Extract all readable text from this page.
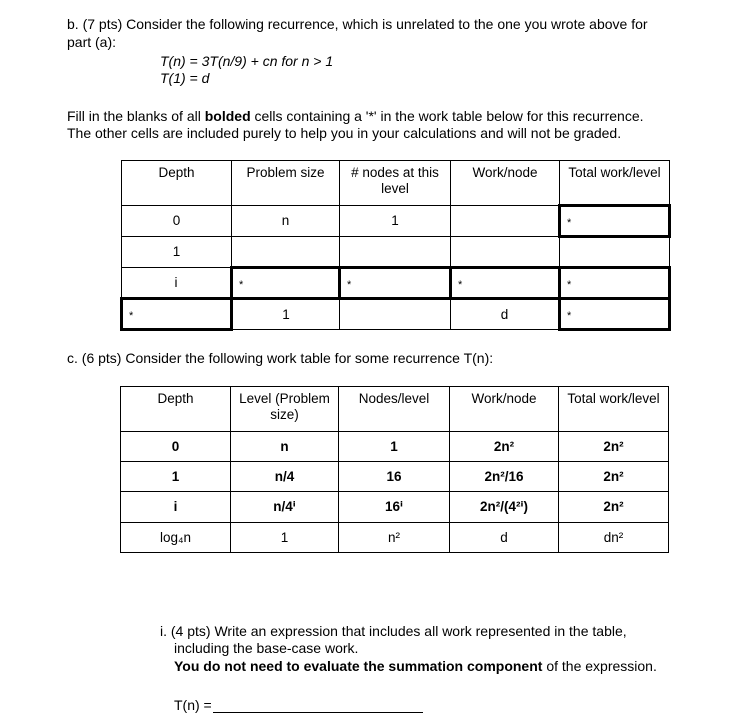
b. (7 pts) Consider the following recurrence, which is unrelated to the one you wrote above for
part (a):
T(n) = 3T(n/9) + cn for n > 1
T(1) = d
Fill in the blanks of all bolded cells containing a '*' in the work table below for this recurrence.
The other cells are included purely to help you in your calculations and will not be graded.
Depth	Problem size	# nodes at this level	Work/node	Total work/level
0	n	1		*
1				
i	*	*	*	*
*	1		d	*
c. (6 pts) Consider the following work table for some recurrence T(n):
Depth	Level (Problem size)	Nodes/level	Work/node	Total work/level
0	n	1	2n²	2n²
1	n/4	16	2n²/16	2n²
i	n/4ⁱ	16ⁱ	2n²/(4²ⁱ)	2n²
log₄n	1	n²	d	dn²
i. (4 pts) Write an expression that includes all work represented in the table,
including the base-case work.
You do not need to evaluate the summation component of the expression.
T(n) =
